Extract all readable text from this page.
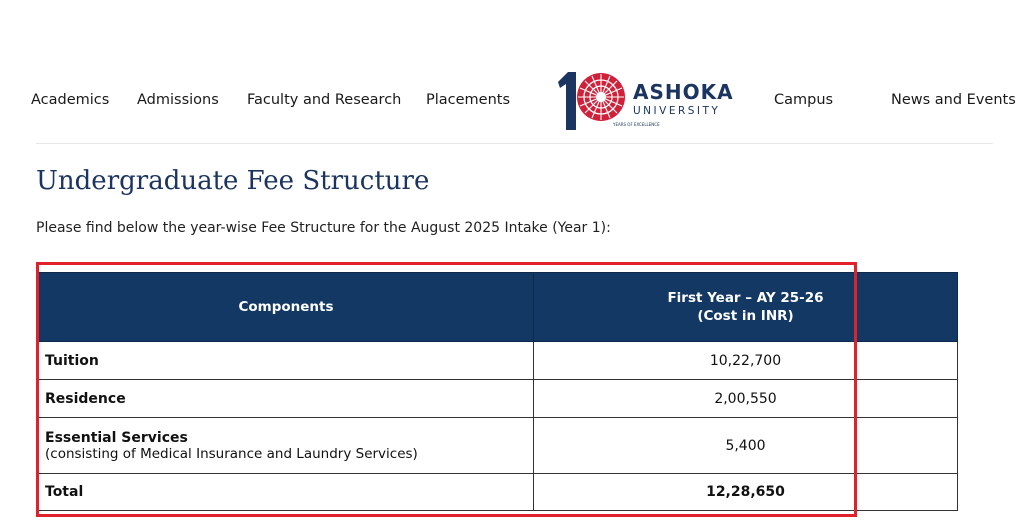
Academics Admissions Faculty and Research Placements	Campus	News and Events
ASHOKA
UNIVERSITY
YEARS OF EXCELLENCE
Undergraduate Fee Structure
Please find below the year-wise Fee Structure for the August 2025 Intake (Year 1):
Components	First Year – AY 25-26
(Cost in INR)
Tuition	10,22,700
Residence	2,00,550

Essential Services
(consisting of Medical Insurance and Laundry Services)	5,400
Total	12,28,650
